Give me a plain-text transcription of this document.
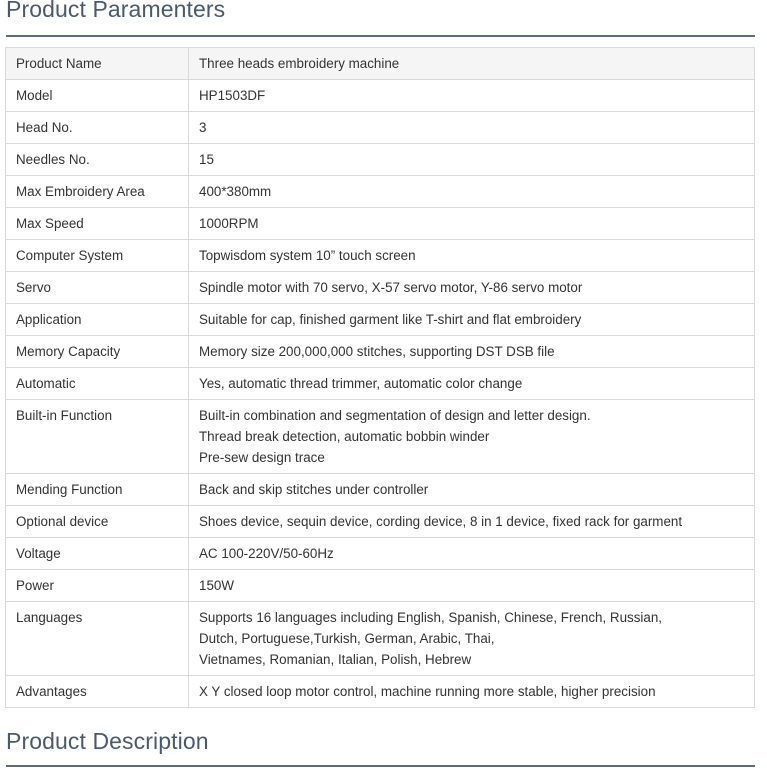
Product Paramenters
Product Name	Three heads embroidery machine

Model	HP1503DF

Head No.	3

Needles No.	15

Max Embroidery Area	400*380mm

Max Speed	1000RPM

Computer System	Topwisdom system 10” touch screen

Servo	Spindle motor with 70 servo, X-57 servo motor, Y-86 servo motor

Application	Suitable for cap, finished garment like T-shirt and flat embroidery

Memory Capacity	Memory size 200,000,000 stitches, supporting DST DSB file

Automatic	Yes, automatic thread trimmer, automatic color change

Built-in Function	Built-in combination and segmentation of design and letter design.
Thread break detection, automatic bobbin winder
Pre-sew design trace

Mending Function	Back and skip stitches under controller

Optional device	Shoes device, sequin device, cording device, 8 in 1 device, fixed rack for garment

Voltage	AC 100-220V/50-60Hz

Power	150W

Languages	Supports 16 languages including English, Spanish, Chinese, French, Russian,
Dutch, Portuguese,Turkish, German, Arabic, Thai,
Vietnames, Romanian, Italian, Polish, Hebrew

Advantages	X Y closed loop motor control, machine running more stable, higher precision
Product Description
